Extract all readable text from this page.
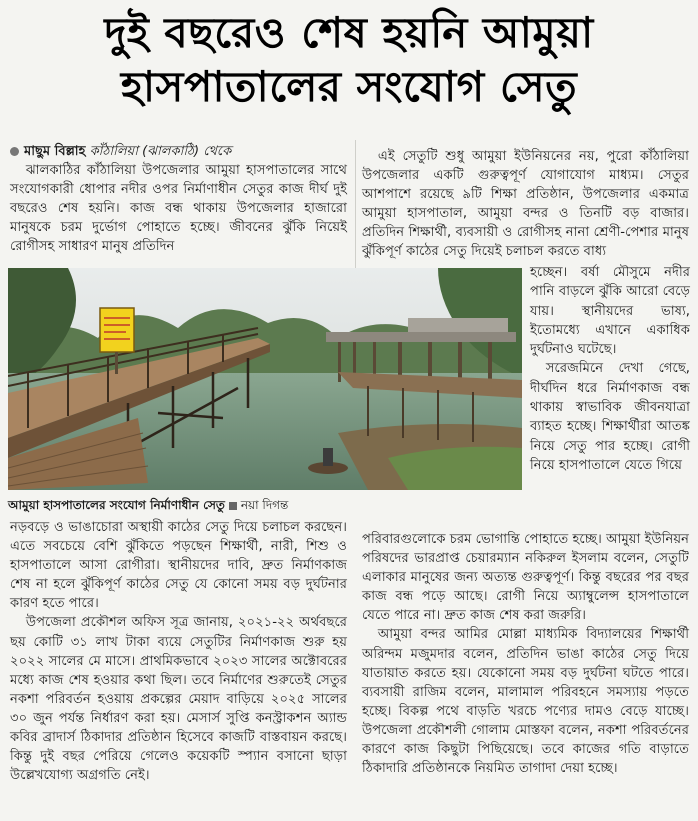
দুই বছরেও শেষ হয়নি আমুয়া
হাসপাতালের সংযোগ সেতু
মাছুম বিল্লাহ কাঁঠালিয়া (ঝালকাঠি) থেকে

ঝালকাঠির কাঁঠালিয়া উপজেলার আমুয়া হাসপাতালের সাথে সংযোগকারী ধোপার নদীর ওপর নির্মাণাধীন সেতুর কাজ দীর্ঘ দুই বছরেও শেষ হয়নি। কাজ বন্ধ থাকায় উপজেলার হাজারো মানুষকে চরম দুর্ভোগ পোহাতে হচ্ছে। জীবনের ঝুঁকি নিয়েই রোগীসহ সাধারণ মানুষ প্রতিদিন

এই সেতুটি শুধু আমুয়া ইউনিয়নের নয়, পুরো কাঁঠালিয়া উপজেলার একটি গুরুত্বপূর্ণ যোগাযোগ মাধ্যম। সেতুর আশপাশে রয়েছে ৯টি শিক্ষা প্রতিষ্ঠান, উপজেলার একমাত্র আমুয়া হাসপাতাল, আমুয়া বন্দর ও তিনটি বড় বাজার। প্রতিদিন শিক্ষার্থী, ব্যবসায়ী ও রোগীসহ নানা শ্রেণী-পেশার মানুষ ঝুঁকিপূর্ণ কাঠের সেতু দিয়েই চলাচল করতে বাধ্য

হচ্ছেন। বর্ষা মৌসুমে নদীর পানি বাড়লে ঝুঁকি আরো বেড়ে যায়। স্থানীয়দের ভাষ্য, ইতোমধ্যে এখানে একাধিক দুর্ঘটনাও ঘটেছে।

সরেজমিনে দেখা গেছে, দীর্ঘদিন ধরে নির্মাণকাজ বন্ধ থাকায় স্বাভাবিক জীবনযাত্রা ব্যাহত হচ্ছে। শিক্ষার্থীরা আতঙ্ক নিয়ে সেতু পার হচ্ছে। রোগী নিয়ে হাসপাতালে যেতে গিয়ে

আমুয়া হাসপাতালের সংযোগ নির্মাণাধীন সেতু নয়া দিগন্ত

নড়বড়ে ও ভাঙাচোরা অস্থায়ী কাঠের সেতু দিয়ে চলাচল করছেন। এতে সবচেয়ে বেশি ঝুঁকিতে পড়ছেন শিক্ষার্থী, নারী, শিশু ও হাসপাতালে আসা রোগীরা। স্থানীয়দের দাবি, দ্রুত নির্মাণকাজ শেষ না হলে ঝুঁকিপূর্ণ কাঠের সেতু যে কোনো সময় বড় দুর্ঘটনার কারণ হতে পারে।

উপজেলা প্রকৌশল অফিস সূত্র জানায়, ২০২১-২২ অর্থবছরে ছয় কোটি ৩১ লাখ টাকা ব্যয়ে সেতুটির নির্মাণকাজ শুরু হয় ২০২২ সালের মে মাসে। প্রাথমিকভাবে ২০২৩ সালের অক্টোবরের মধ্যে কাজ শেষ হওয়ার কথা ছিল। তবে নির্মাণের শুরুতেই সেতুর নকশা পরিবর্তন হওয়ায় প্রকল্পের মেয়াদ বাড়িয়ে ২০২৫ সালের ৩০ জুন পর্যন্ত নির্ধারণ করা হয়। মেসার্স সুপ্তি কনস্ট্রাকশন অ্যান্ড কবির ব্রাদার্স ঠিকাদার প্রতিষ্ঠান হিসেবে কাজটি বাস্তবায়ন করছে। কিন্তু দুই বছর পেরিয়ে গেলেও কয়েকটি স্প্যান বসানো ছাড়া উল্লেখযোগ্য অগ্রগতি নেই।

পরিবারগুলোকে চরম ভোগান্তি পোহাতে হচ্ছে। আমুয়া ইউনিয়ন পরিষদের ভারপ্রাপ্ত চেয়ারম্যান নকিরুল ইসলাম বলেন, সেতুটি এলাকার মানুষের জন্য অত্যন্ত গুরুত্বপূর্ণ। কিন্তু বছরের পর বছর কাজ বন্ধ পড়ে আছে। রোগী নিয়ে অ্যাম্বুলেন্স হাসপাতালে যেতে পারে না। দ্রুত কাজ শেষ করা জরুরি।

আমুয়া বন্দর আমির মোল্লা মাধ্যমিক বিদ্যালয়ের শিক্ষার্থী অরিন্দম মজুমদার বলেন, প্রতিদিন ভাঙা কাঠের সেতু দিয়ে যাতায়াত করতে হয়। যেকোনো সময় বড় দুর্ঘটনা ঘটতে পারে। ব্যবসায়ী রাজিম বলেন, মালামাল পরিবহনে সমস্যায় পড়তে হচ্ছে। বিকল্প পথে বাড়তি খরচে পণ্যের দামও বেড়ে যাচ্ছে। উপজেলা প্রকৌশলী গোলাম মোস্তফা বলেন, নকশা পরিবর্তনের কারণে কাজ কিছুটা পিছিয়েছে। তবে কাজের গতি বাড়াতে ঠিকাদারি প্রতিষ্ঠানকে নিয়মিত তাগাদা দেয়া হচ্ছে।
